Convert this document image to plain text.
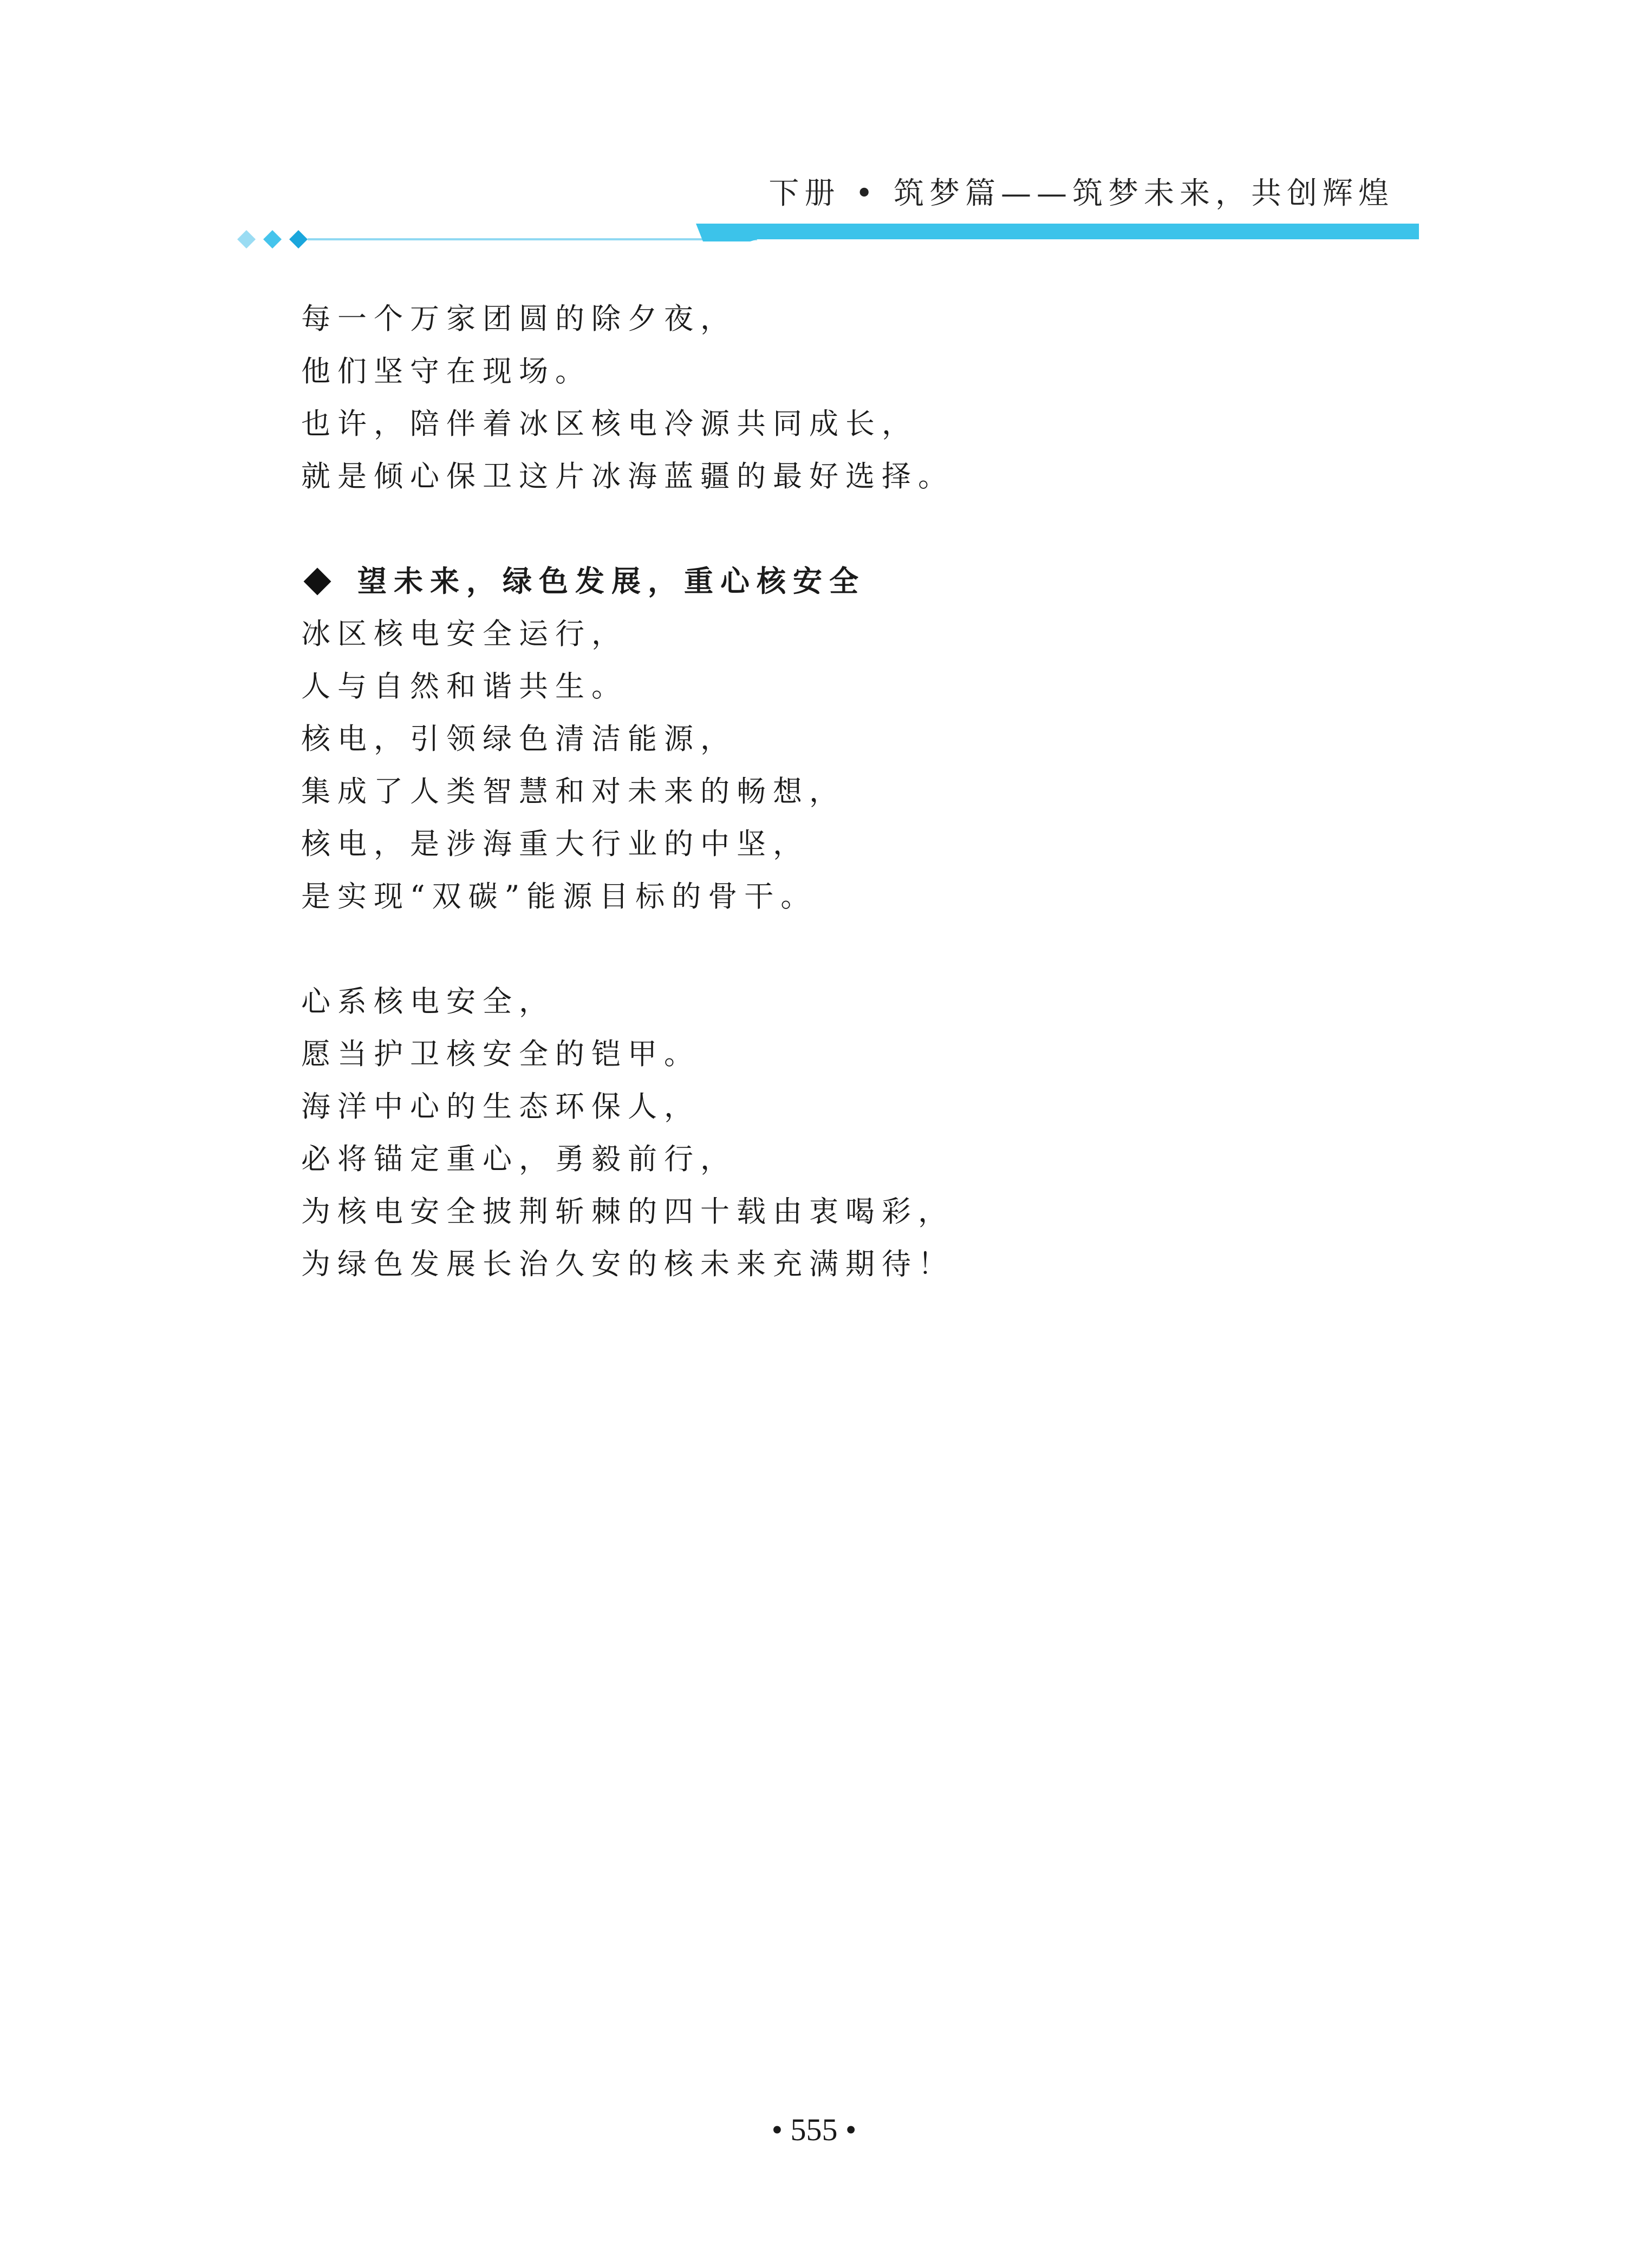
下册 • 筑梦篇——筑梦未来，共创辉煌
每一个万家团圆的除夕夜，
他们坚守在现场。
也许，陪伴着冰区核电冷源共同成长，
就是倾心保卫这片冰海蓝疆的最好选择。
望未来，绿色发展，重心核安全
冰区核电安全运行，
人与自然和谐共生。
核电，引领绿色清洁能源，
集成了人类智慧和对未来的畅想，
核电，是涉海重大行业的中坚，
是实现“双碳”能源目标的骨干。
心系核电安全，
愿当护卫核安全的铠甲。
海洋中心的生态环保人，
必将锚定重心，勇毅前行，
为核电安全披荆斩棘的四十载由衷喝彩，
为绿色发展长治久安的核未来充满期待！
• 555 •
